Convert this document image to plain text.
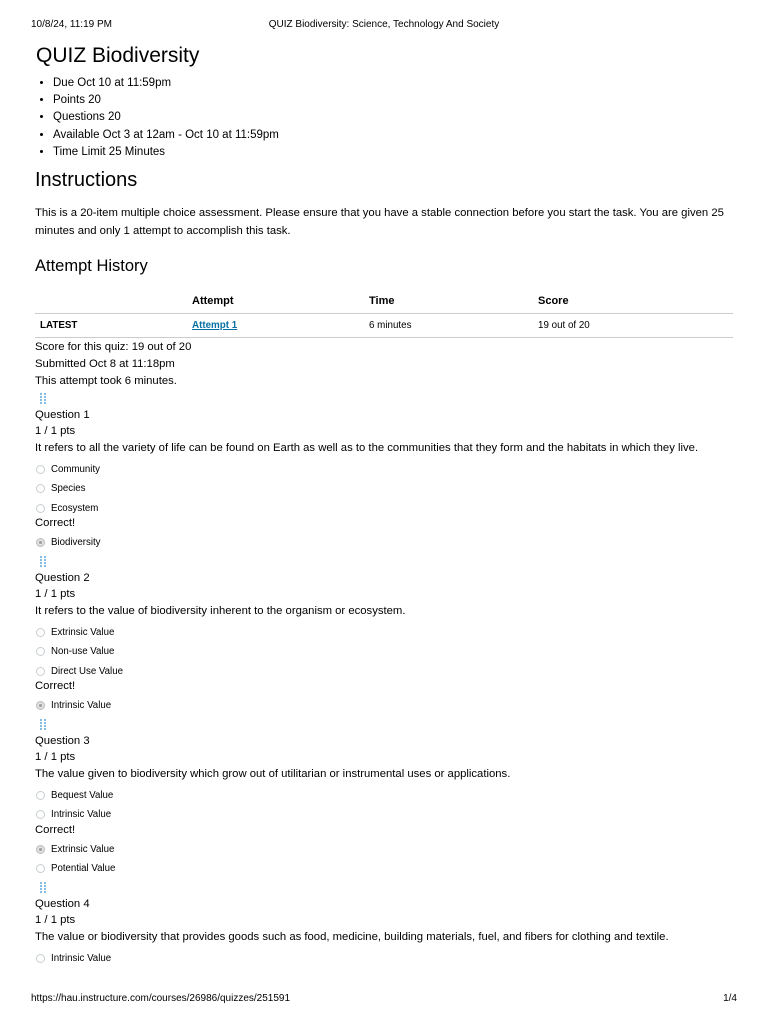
10/8/24, 11:19 PM	QUIZ Biodiversity: Science, Technology And Society
QUIZ Biodiversity
• Due Oct 10 at 11:59pm
• Points 20
• Questions 20
• Available Oct 3 at 12am - Oct 10 at 11:59pm
• Time Limit 25 Minutes
Instructions

This is a 20-item multiple choice assessment. Please ensure that you have a stable connection before you start the task. You are given 25 minutes and only 1 attempt to accomplish this task.

Attempt History
	Attempt	Time	Score
LATEST	Attempt 1	6 minutes	19 out of 20
Score for this quiz: 19 out of 20
Submitted Oct 8 at 11:18pm
This attempt took 6 minutes.
Question 1
1 / 1 pts
It refers to all the variety of life can be found on Earth as well as to the communities that they form and the habitats in which they live.
Community
Species
Ecosystem
Correct!
Biodiversity
Question 2
1 / 1 pts
It refers to the value of biodiversity inherent to the organism or ecosystem.
Extrinsic Value
Non-use Value
Direct Use Value
Correct!
Intrinsic Value
Question 3
1 / 1 pts
The value given to biodiversity which grow out of utilitarian or instrumental uses or applications.
Bequest Value
Intrinsic Value
Correct!
Extrinsic Value
Potential Value
Question 4
1 / 1 pts
The value or biodiversity that provides goods such as food, medicine, building materials, fuel, and fibers for clothing and textile.
Intrinsic Value
https://hau.instructure.com/courses/26986/quizzes/251591	1/4
